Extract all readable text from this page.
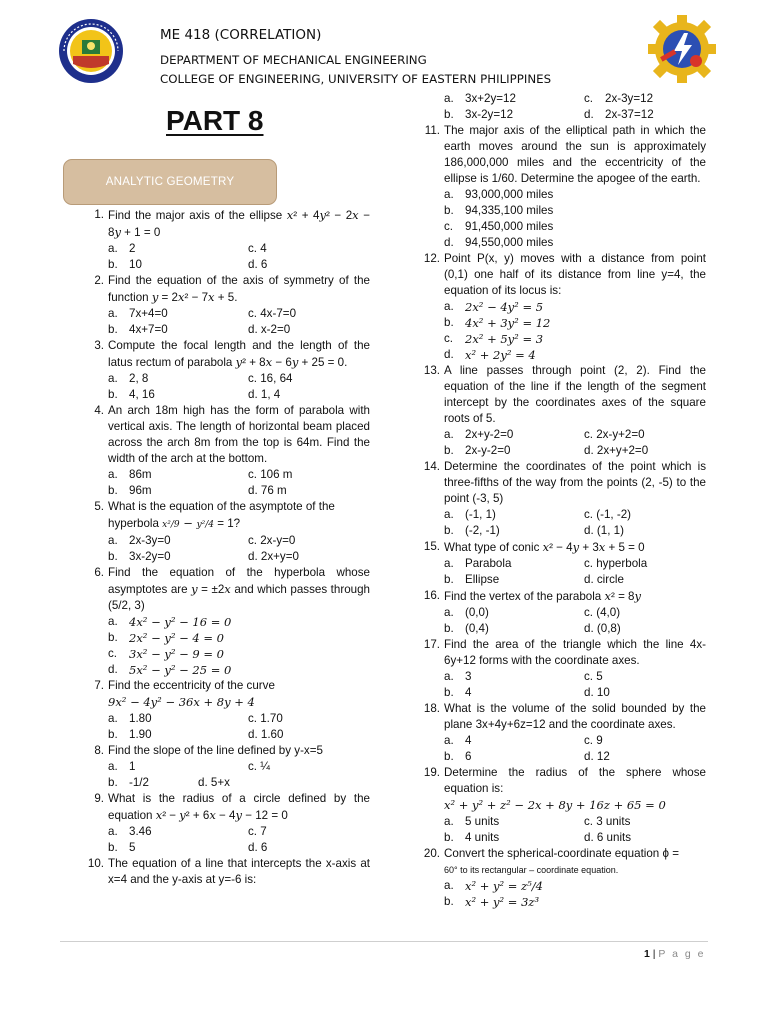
ME 418 (CORRELATION)
DEPARTMENT OF MECHANICAL ENGINEERING
COLLEGE OF ENGINEERING, UNIVERSITY OF EASTERN PHILIPPINES
PART 8
ANALYTIC GEOMETRY
1. Find the major axis of the ellipse x² + 4y² − 2x − 8y + 1 = 0
a. 2	c. 4
b. 10	d. 6
2. Find the equation of the axis of symmetry of the function y = 2x² − 7x + 5.
a. 7x+4=0	c. 4x-7=0
b. 4x+7=0	d. x-2=0
3. Compute the focal length and the length of the latus rectum of parabola y² + 8x − 6y + 25 = 0.
a. 2, 8	c. 16, 64
b. 4, 16	d. 1, 4
4. An arch 18m high has the form of parabola with vertical axis. The length of horizontal beam placed across the arch 8m from the top is 64m. Find the width of the arch at the bottom.
a. 86m	c. 106 m
b. 96m	d. 76 m
5. What is the equation of the asymptote of the
hyperbola x²/9 − y²/4 = 1?
a. 2x-3y=0	c. 2x-y=0
b. 3x-2y=0	d. 2x+y=0
6. Find the equation of the hyperbola whose asymptotes are y = ±2x and which passes through (5/2, 3)
a. 4x² − y² − 16 = 0
b. 2x² − y² − 4 = 0
c.	3x² − y² − 9 = 0
d. 5x² − y² − 25 = 0
7. Find the eccentricity of the curve
9x² − 4y² − 36x + 8y + 4
a. 1.80	c. 1.70
b. 1.90	d. 1.60
8. Find the slope of the line defined by y-x=5
a. 1	c. ¼
b. -1/2	d. 5+x
9. What is the radius of a circle defined by the equation x² − y² + 6x − 4y − 12 = 0
a. 3.46	c. 7
b. 5	d. 6
10. The equation of a line that intercepts the x-axis at x=4 and the y-axis at y=-6 is:
a. 3x+2y=12	c.	2x-3y=12
b. 3x-2y=12	d. 2x-37=12
11. The major axis of the elliptical path in which the earth moves around the sun is approximately 186,000,000 miles and the eccentricity of the ellipse is 1/60. Determine the apogee of the earth.
a. 93,000,000 miles
b. 94,335,100 miles
c.	91,450,000 miles
d. 94,550,000 miles
12. Point P(x, y) moves with a distance from point (0,1) one half of its distance from line y=4, the equation of its locus is:
a. 2x² − 4y² = 5
b. 4x² + 3y² = 12
c.	2x² + 5y² = 3
d. x² + 2y² = 4
13. A line passes through point (2, 2). Find the equation of the line if the length of the segment intercept by the coordinates axes of the square roots of 5.
a. 2x+y-2=0	c. 2x-y+2=0
b. 2x-y-2=0	d. 2x+y+2=0
14. Determine the coordinates of the point which is three-fifths of the way from the points (2, -5) to the point (-3, 5)
a. (-1, 1)	c. (-1, -2)
b. (-2, -1)	d. (1, 1)
15. What type of conic x² − 4y + 3x + 5 = 0
a. Parabola	c. hyperbola
b. Ellipse	d. circle
16. Find the vertex of the parabola x² = 8y
a. (0,0)	c. (4,0)
b. (0,4)	d. (0,8)
17. Find the area of the triangle which the line 4x-6y+12 forms with the coordinate axes.
a. 3	c. 5
b. 4	d. 10
18. What is the volume of the solid bounded by the plane 3x+4y+6z=12 and the coordinate axes.
a. 4	c. 9
b. 6	d. 12
19. Determine the radius of the sphere whose equation is:
x² + y² + z² − 2x + 8y + 16z + 65 = 0
a. 5 units	c. 3 units
b. 4 units	d. 6 units
20. Convert the spherical-coordinate equation ϕ =
60° to its rectangular – coordinate equation.
a. x² + y² = z⁵/4
b. x² + y² = 3z³
1 | P a g e
